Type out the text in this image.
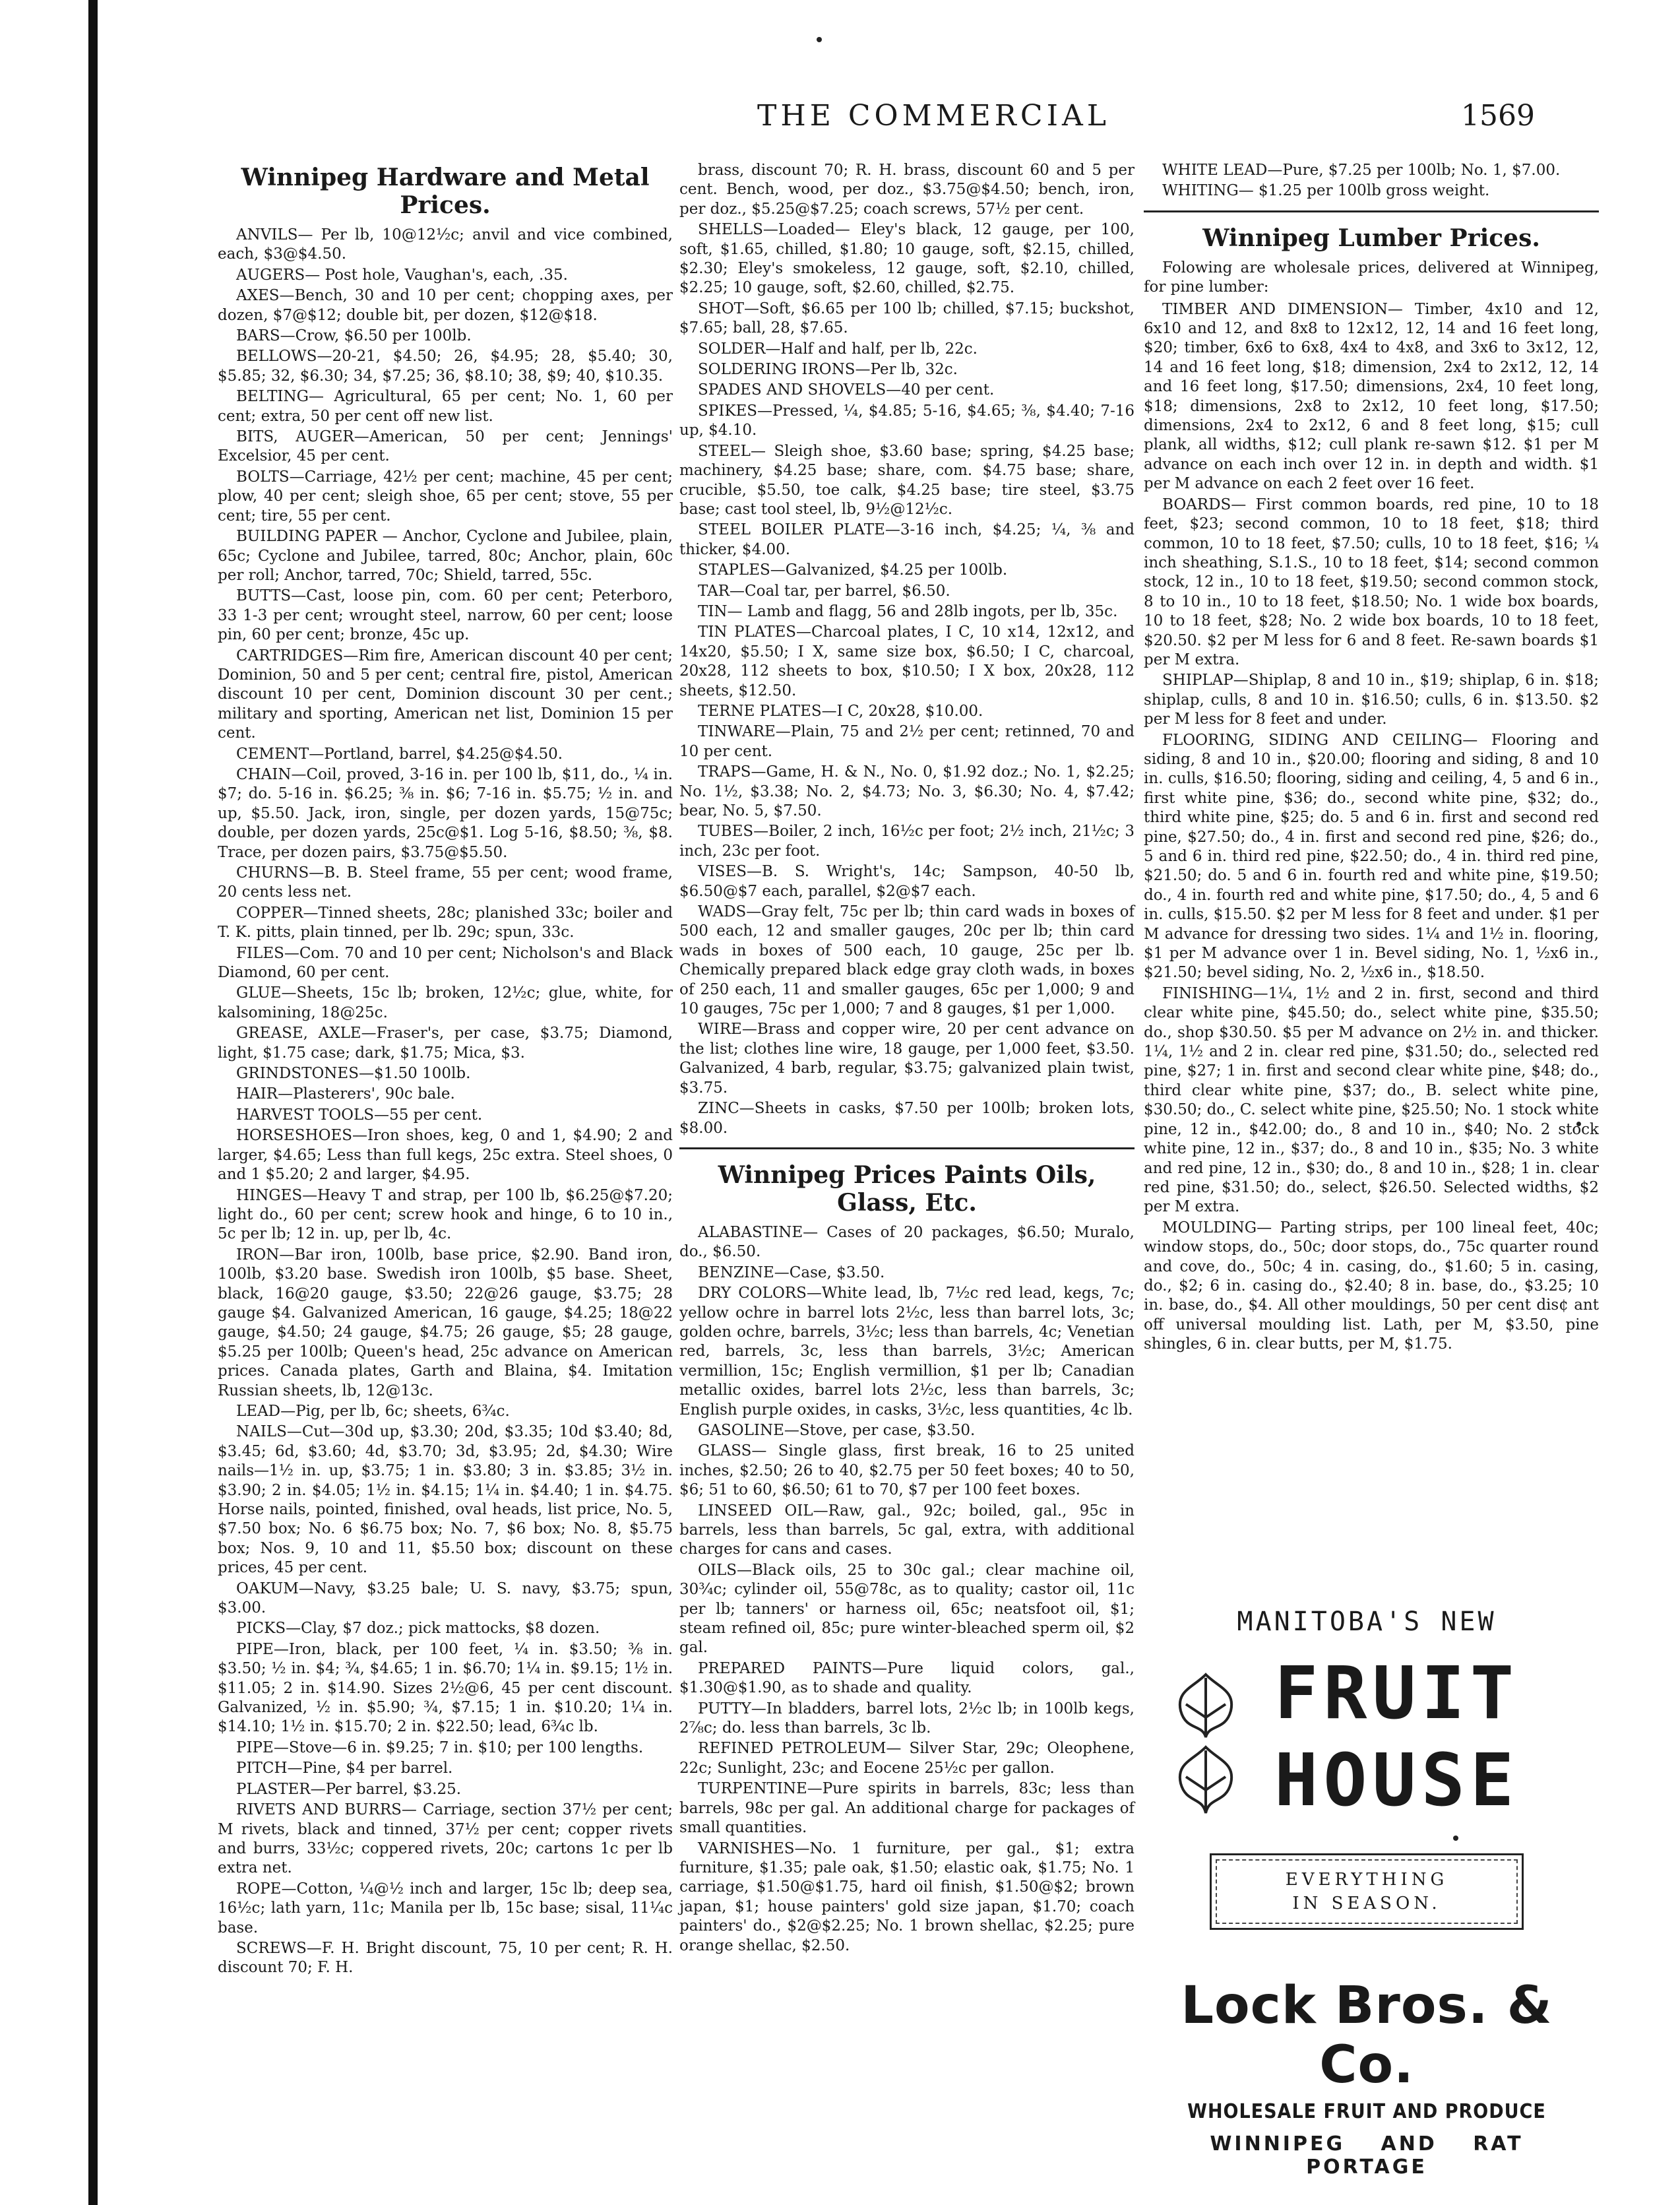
THE COMMERCIAL	1569
Winnipeg Hardware and Metal Prices.

ANVILS— Per lb, 10@12½c; anvil and vice combined, each, $3@$4.50.

AUGERS— Post hole, Vaughan's, each, .35.

AXES—Bench, 30 and 10 per cent; chopping axes, per dozen, $7@$12; double bit, per dozen, $12@$18.

BARS—Crow, $6.50 per 100lb.

BELLOWS—20-21, $4.50; 26, $4.95; 28, $5.40; 30, $5.85; 32, $6.30; 34, $7.25; 36, $8.10; 38, $9; 40, $10.35.

BELTING— Agricultural, 65 per cent; No. 1, 60 per cent; extra, 50 per cent off new list.

BITS, AUGER—American, 50 per cent; Jennings' Excelsior, 45 per cent.

BOLTS—Carriage, 42½ per cent; machine, 45 per cent; plow, 40 per cent; sleigh shoe, 65 per cent; stove, 55 per cent; tire, 55 per cent.

BUILDING PAPER — Anchor, Cyclone and Jubilee, plain, 65c; Cyclone and Jubilee, tarred, 80c; Anchor, plain, 60c per roll; Anchor, tarred, 70c; Shield, tarred, 55c.

BUTTS—Cast, loose pin, com. 60 per cent; Peterboro, 33 1-3 per cent; wrought steel, narrow, 60 per cent; loose pin, 60 per cent; bronze, 45c up.

CARTRIDGES—Rim fire, American discount 40 per cent; Dominion, 50 and 5 per cent; central fire, pistol, American discount 10 per cent, Dominion discount 30 per cent.; military and sporting, American net list, Dominion 15 per cent.

CEMENT—Portland, barrel, $4.25@$4.50.

CHAIN—Coil, proved, 3-16 in. per 100 lb, $11, do., ¼ in. $7; do. 5-16 in. $6.25; ⅜ in. $6; 7-16 in. $5.75; ½ in. and up, $5.50. Jack, iron, single, per dozen yards, 15@75c; double, per dozen yards, 25c@$1. Log 5-16, $8.50; ⅜, $8. Trace, per dozen pairs, $3.75@$5.50.

CHURNS—B. B. Steel frame, 55 per cent; wood frame, 20 cents less net.

COPPER—Tinned sheets, 28c; planished 33c; boiler and T. K. pitts, plain tinned, per lb. 29c; spun, 33c.

FILES—Com. 70 and 10 per cent; Nicholson's and Black Diamond, 60 per cent.

GLUE—Sheets, 15c lb; broken, 12½c; glue, white, for kalsomining, 18@25c.

GREASE, AXLE—Fraser's, per case, $3.75; Diamond, light, $1.75 case; dark, $1.75; Mica, $3.

GRINDSTONES—$1.50 100lb.

HAIR—Plasterers', 90c bale.

HARVEST TOOLS—55 per cent.

HORSESHOES—Iron shoes, keg, 0 and 1, $4.90; 2 and larger, $4.65; Less than full kegs, 25c extra. Steel shoes, 0 and 1 $5.20; 2 and larger, $4.95.

HINGES—Heavy T and strap, per 100 lb, $6.25@$7.20; light do., 60 per cent; screw hook and hinge, 6 to 10 in., 5c per lb; 12 in. up, per lb, 4c.

IRON—Bar iron, 100lb, base price, $2.90. Band iron, 100lb, $3.20 base. Swedish iron 100lb, $5 base. Sheet, black, 16@20 gauge, $3.50; 22@26 gauge, $3.75; 28 gauge $4. Galvanized American, 16 gauge, $4.25; 18@22 gauge, $4.50; 24 gauge, $4.75; 26 gauge, $5; 28 gauge, $5.25 per 100lb; Queen's head, 25c advance on American prices. Canada plates, Garth and Blaina, $4. Imitation Russian sheets, lb, 12@13c.

LEAD—Pig, per lb, 6c; sheets, 6¾c.

NAILS—Cut—30d up, $3.30; 20d, $3.35; 10d $3.40; 8d, $3.45; 6d, $3.60; 4d, $3.70; 3d, $3.95; 2d, $4.30; Wire nails—1½ in. up, $3.75; 1 in. $3.80; 3 in. $3.85; 3½ in. $3.90; 2 in. $4.05; 1½ in. $4.15; 1¼ in. $4.40; 1 in. $4.75. Horse nails, pointed, finished, oval heads, list price, No. 5, $7.50 box; No. 6 $6.75 box; No. 7, $6 box; No. 8, $5.75 box; Nos. 9, 10 and 11, $5.50 box; discount on these prices, 45 per cent.

OAKUM—Navy, $3.25 bale; U. S. navy, $3.75; spun, $3.00.

PICKS—Clay, $7 doz.; pick mattocks, $8 dozen.

PIPE—Iron, black, per 100 feet, ¼ in. $3.50; ⅜ in. $3.50; ½ in. $4; ¾, $4.65; 1 in. $6.70; 1¼ in. $9.15; 1½ in. $11.05; 2 in. $14.90. Sizes 2½@6, 45 per cent discount. Galvanized, ½ in. $5.90; ¾, $7.15; 1 in. $10.20; 1¼ in. $14.10; 1½ in. $15.70; 2 in. $22.50; lead, 6¾c lb.

PIPE—Stove—6 in. $9.25; 7 in. $10; per 100 lengths.

PITCH—Pine, $4 per barrel.

PLASTER—Per barrel, $3.25.

RIVETS AND BURRS— Carriage, section 37½ per cent; M rivets, black and tinned, 37½ per cent; copper rivets and burrs, 33½c; coppered rivets, 20c; cartons 1c per lb extra net.

ROPE—Cotton, ¼@½ inch and larger, 15c lb; deep sea, 16½c; lath yarn, 11c; Manila per lb, 15c base; sisal, 11¼c base.

SCREWS—F. H. Bright discount, 75, 10 per cent; R. H. discount 70; F. H.

brass, discount 70; R. H. brass, discount 60 and 5 per cent. Bench, wood, per doz., $3.75@$4.50; bench, iron, per doz., $5.25@$7.25; coach screws, 57½ per cent.

SHELLS—Loaded— Eley's black, 12 gauge, per 100, soft, $1.65, chilled, $1.80; 10 gauge, soft, $2.15, chilled, $2.30; Eley's smokeless, 12 gauge, soft, $2.10, chilled, $2.25; 10 gauge, soft, $2.60, chilled, $2.75.

SHOT—Soft, $6.65 per 100 lb; chilled, $7.15; buckshot, $7.65; ball, 28, $7.65.

SOLDER—Half and half, per lb, 22c.

SOLDERING IRONS—Per lb, 32c.

SPADES AND SHOVELS—40 per cent.

SPIKES—Pressed, ¼, $4.85; 5-16, $4.65; ⅜, $4.40; 7-16 up, $4.10.

STEEL— Sleigh shoe, $3.60 base; spring, $4.25 base; machinery, $4.25 base; share, com. $4.75 base; share, crucible, $5.50, toe calk, $4.25 base; tire steel, $3.75 base; cast tool steel, lb, 9½@12½c.

STEEL BOILER PLATE—3-16 inch, $4.25; ¼, ⅜ and thicker, $4.00.

STAPLES—Galvanized, $4.25 per 100lb.

TAR—Coal tar, per barrel, $6.50.

TIN— Lamb and flagg, 56 and 28lb ingots, per lb, 35c.

TIN PLATES—Charcoal plates, I C, 10 x14, 12x12, and 14x20, $5.50; I X, same size box, $6.50; I C, charcoal, 20x28, 112 sheets to box, $10.50; I X box, 20x28, 112 sheets, $12.50.

TERNE PLATES—I C, 20x28, $10.00.

TINWARE—Plain, 75 and 2½ per cent; retinned, 70 and 10 per cent.

TRAPS—Game, H. & N., No. 0, $1.92 doz.; No. 1, $2.25; No. 1½, $3.38; No. 2, $4.73; No. 3, $6.30; No. 4, $7.42; bear, No. 5, $7.50.

TUBES—Boiler, 2 inch, 16½c per foot; 2½ inch, 21½c; 3 inch, 23c per foot.

VISES—B. S. Wright's, 14c; Sampson, 40-50 lb, $6.50@$7 each, parallel, $2@$7 each.

WADS—Gray felt, 75c per lb; thin card wads in boxes of 500 each, 12 and smaller gauges, 20c per lb; thin card wads in boxes of 500 each, 10 gauge, 25c per lb. Chemically prepared black edge gray cloth wads, in boxes of 250 each, 11 and smaller gauges, 65c per 1,000; 9 and 10 gauges, 75c per 1,000; 7 and 8 gauges, $1 per 1,000.

WIRE—Brass and copper wire, 20 per cent advance on the list; clothes line wire, 18 gauge, per 1,000 feet, $3.50. Galvanized, 4 barb, regular, $3.75; galvanized plain twist, $3.75.

ZINC—Sheets in casks, $7.50 per 100lb; broken lots, $8.00.

Winnipeg Prices Paints Oils, Glass, Etc.

ALABASTINE— Cases of 20 packages, $6.50; Muralo, do., $6.50.

BENZINE—Case, $3.50.

DRY COLORS—White lead, lb, 7½c red lead, kegs, 7c; yellow ochre in barrel lots 2½c, less than barrel lots, 3c; golden ochre, barrels, 3½c; less than barrels, 4c; Venetian red, barrels, 3c, less than barrels, 3½c; American vermillion, 15c; English vermillion, $1 per lb; Canadian metallic oxides, barrel lots 2½c, less than barrels, 3c; English purple oxides, in casks, 3½c, less quantities, 4c lb.

GASOLINE—Stove, per case, $3.50.

GLASS— Single glass, first break, 16 to 25 united inches, $2.50; 26 to 40, $2.75 per 50 feet boxes; 40 to 50, $6; 51 to 60, $6.50; 61 to 70, $7 per 100 feet boxes.

LINSEED OIL—Raw, gal., 92c; boiled, gal., 95c in barrels, less than barrels, 5c gal, extra, with additional charges for cans and cases.

OILS—Black oils, 25 to 30c gal.; clear machine oil, 30¾c; cylinder oil, 55@78c, as to quality; castor oil, 11c per lb; tanners' or harness oil, 65c; neatsfoot oil, $1; steam refined oil, 85c; pure winter-bleached sperm oil, $2 gal.

PREPARED PAINTS—Pure liquid colors, gal., $1.30@$1.90, as to shade and quality.

PUTTY—In bladders, barrel lots, 2½c lb; in 100lb kegs, 2⅞c; do. less than barrels, 3c lb.

REFINED PETROLEUM— Silver Star, 29c; Oleophene, 22c; Sunlight, 23c; and Eocene 25½c per gallon.

TURPENTINE—Pure spirits in barrels, 83c; less than barrels, 98c per gal. An additional charge for packages of small quantities.

VARNISHES—No. 1 furniture, per gal., $1; extra furniture, $1.35; pale oak, $1.50; elastic oak, $1.75; No. 1 carriage, $1.50@$1.75, hard oil finish, $1.50@$2; brown japan, $1; house painters' gold size japan, $1.70; coach painters' do., $2@$2.25; No. 1 brown shellac, $2.25; pure orange shellac, $2.50.

WHITE LEAD—Pure, $7.25 per 100lb; No. 1, $7.00.

WHITING— $1.25 per 100lb gross weight.

Winnipeg Lumber Prices.

Folowing are wholesale prices, delivered at Winnipeg, for pine lumber:

TIMBER AND DIMENSION— Timber, 4x10 and 12, 6x10 and 12, and 8x8 to 12x12, 12, 14 and 16 feet long, $20; timber, 6x6 to 6x8, 4x4 to 4x8, and 3x6 to 3x12, 12, 14 and 16 feet long, $18; dimension, 2x4 to 2x12, 12, 14 and 16 feet long, $17.50; dimensions, 2x4, 10 feet long, $18; dimensions, 2x8 to 2x12, 10 feet long, $17.50; dimensions, 2x4 to 2x12, 6 and 8 feet long, $15; cull plank, all widths, $12; cull plank re-sawn $12. $1 per M advance on each inch over 12 in. in depth and width. $1 per M advance on each 2 feet over 16 feet.

BOARDS— First common boards, red pine, 10 to 18 feet, $23; second common, 10 to 18 feet, $18; third common, 10 to 18 feet, $7.50; culls, 10 to 18 feet, $16; ¼ inch sheathing, S.1.S., 10 to 18 feet, $14; second common stock, 12 in., 10 to 18 feet, $19.50; second common stock, 8 to 10 in., 10 to 18 feet, $18.50; No. 1 wide box boards, 10 to 18 feet, $28; No. 2 wide box boards, 10 to 18 feet, $20.50. $2 per M less for 6 and 8 feet. Re-sawn boards $1 per M extra.

SHIPLAP—Shiplap, 8 and 10 in., $19; shiplap, 6 in. $18; shiplap, culls, 8 and 10 in. $16.50; culls, 6 in. $13.50. $2 per M less for 8 feet and under.

FLOORING, SIDING AND CEILING— Flooring and siding, 8 and 10 in., $20.00; flooring and siding, 8 and 10 in. culls, $16.50; flooring, siding and ceiling, 4, 5 and 6 in., first white pine, $36; do., second white pine, $32; do., third white pine, $25; do. 5 and 6 in. first and second red pine, $27.50; do., 4 in. first and second red pine, $26; do., 5 and 6 in. third red pine, $22.50; do., 4 in. third red pine, $21.50; do. 5 and 6 in. fourth red and white pine, $19.50; do., 4 in. fourth red and white pine, $17.50; do., 4, 5 and 6 in. culls, $15.50. $2 per M less for 8 feet and under. $1 per M advance for dressing two sides. 1¼ and 1½ in. flooring, $1 per M advance over 1 in. Bevel siding, No. 1, ½x6 in., $21.50; bevel siding, No. 2, ½x6 in., $18.50.

FINISHING—1¼, 1½ and 2 in. first, second and third clear white pine, $45.50; do., select white pine, $35.50; do., shop $30.50. $5 per M advance on 2½ in. and thicker. 1¼, 1½ and 2 in. clear red pine, $31.50; do., selected red pine, $27; 1 in. first and second clear white pine, $48; do., third clear white pine, $37; do., B. select white pine, $30.50; do., C. select white pine, $25.50; No. 1 stock white pine, 12 in., $42.00; do., 8 and 10 in., $40; No. 2 stock white pine, 12 in., $37; do., 8 and 10 in., $35; No. 3 white and red pine, 12 in., $30; do., 8 and 10 in., $28; 1 in. clear red pine, $31.50; do., select, $26.50. Selected widths, $2 per M extra.

MOULDING— Parting strips, per 100 lineal feet, 40c; window stops, do., 50c; door stops, do., 75c quarter round and cove, do., 50c; 4 in. casing, do., $1.60; 5 in. casing, do., $2; 6 in. casing do., $2.40; 8 in. base, do., $3.25; 10 in. base, do., $4. All other mouldings, 50 per cent dis¢ ant off universal moulding list. Lath, per M, $3.50, pine shingles, 6 in. clear butts, per M, $1.75.

MANITOBA'S NEW
FRUIT
HOUSE
EVERYTHING
IN SEASON.
Lock Bros. & Co.
WHOLESALE FRUIT AND PRODUCE
WINNIPEG AND RAT PORTAGE
